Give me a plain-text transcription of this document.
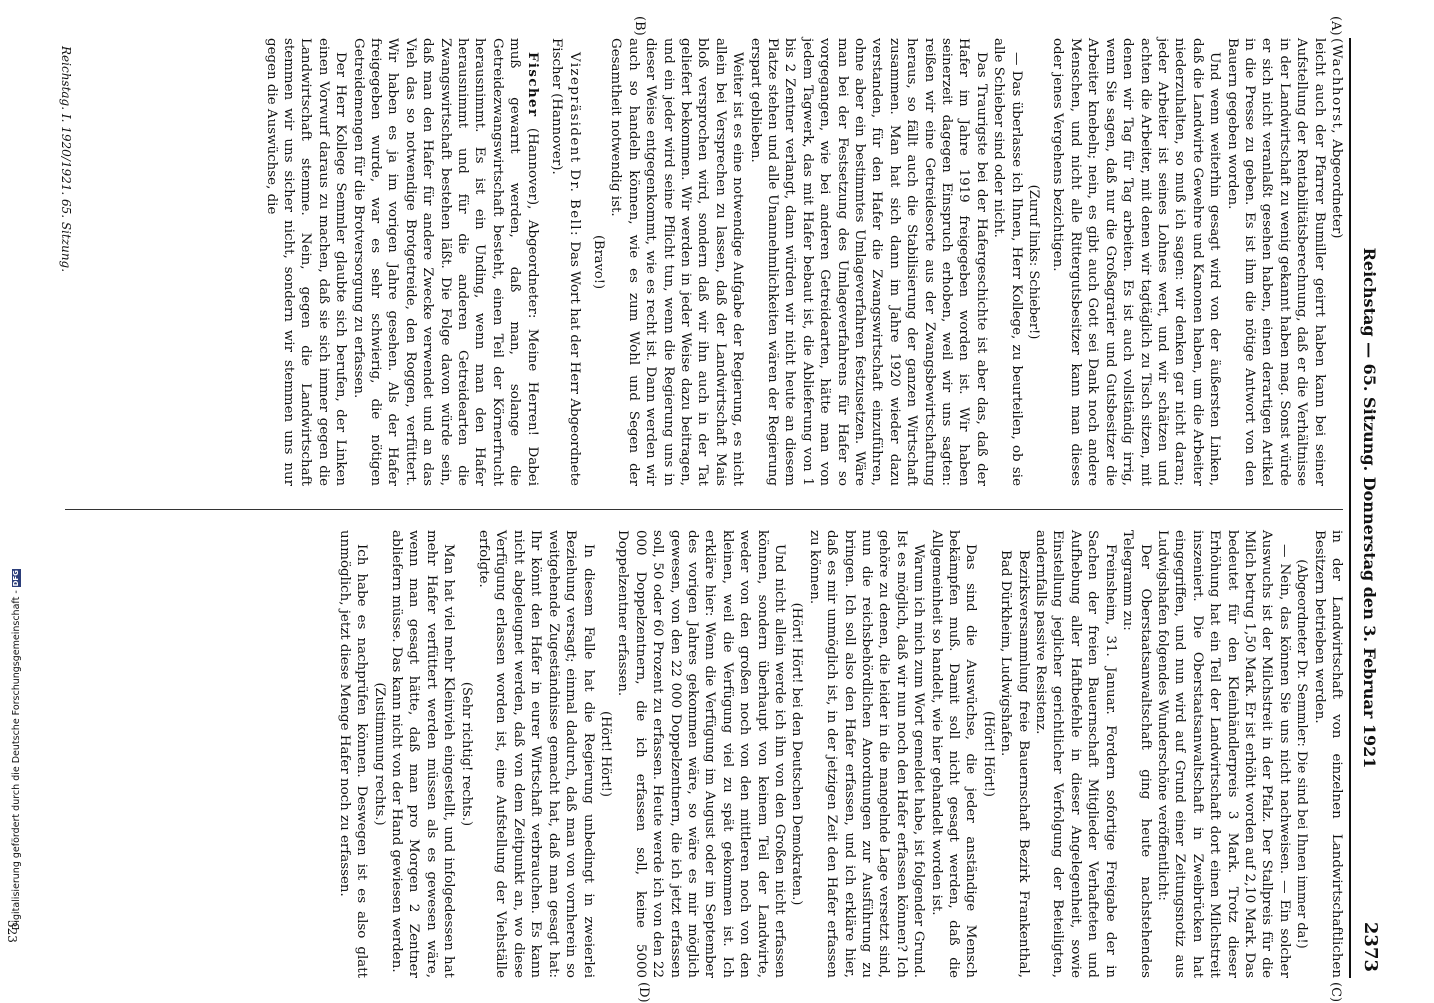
Reichstag — 65. Sitzung. Donnerstag den 3. Februar 1921
2373
(A)
(B)
(C)
(D)

(Wachhorst, Abgeordneter)

leicht auch der Pfarrer Bumiller geirrt haben kann bei seiner Aufstellung der Rentabilitätsberechnung, daß er die Verhältnisse in der Landwirtschaft zu wenig gekannt haben mag. Sonst würde er sich nicht veranlaßt gesehen haben, einen derartigen Artikel in die Presse zu geben. Es ist ihm die nötige Antwort von den Bauern gegeben worden.

Und wenn weiterhin gesagt wird von der äußersten Linken, daß die Landwirte Gewehre und Kanonen haben, um die Arbeiter niederzuhalten, so muß ich sagen: wir denken gar nicht daran; jeder Arbeiter ist seines Lohnes wert, und wir schätzen und achten die Arbeiter, mit denen wir tagtäglich zu Tisch sitzen, mit denen wir Tag für Tag arbeiten. Es ist auch vollständig irrig, wenn Sie sagen, daß nur die Großagrarier und Gutsbesitzer die Arbeiter knebeln; nein, es gibt auch Gott sei Dank noch andere Menschen, und nicht alle Rittergutsbesitzer kann man dieses oder jenes Vergehens bezichtigen.

(Zuruf links: Schieber!)

— Das überlasse ich Ihnen, Herr Kollege, zu beurteilen, ob sie alle Schieber sind oder nicht.

Das Traurigste bei der Hafergeschichte ist aber das, daß der Hafer im Jahre 1919 freigegeben worden ist. Wir haben seinerzeit dagegen Einspruch erhoben, weil wir uns sagten: reißen wir eine Getreidesorte aus der Zwangsbewirtschaftung heraus, so fällt auch die Stabilisierung der ganzen Wirtschaft zusammen. Man hat sich dann im Jahre 1920 wieder dazu verstanden, für den Hafer die Zwangswirtschaft einzuführen, ohne aber ein bestimmtes Umlageverfahren festzusetzen. Wäre man bei der Festsetzung des Umlageverfahrens für Hafer so vorgegangen, wie bei anderen Getreidearten, hätte man von jedem Tagwerk, das mit Hafer bebaut ist, die Ablieferung von 1 bis 2 Zentner verlangt, dann würden wir nicht heute an diesem Platze stehen und alle Unannehmlichkeiten wären der Regierung erspart geblieben.

Weiter ist es eine notwendige Aufgabe der Regierung, es nicht allein bei Versprechen zu lassen, daß der Landwirtschaft Mais bloß versprochen wird, sondern daß wir ihn auch in der Tat geliefert bekommen. Wir werden in jeder Weise dazu beitragen, und ein jeder wird seine Pflicht tun, wenn die Regierung uns in dieser Weise entgegenkommt, wie es recht ist. Dann werden wir auch so handeln können, wie es zum Wohl und Segen der Gesamtheit notwendig ist.

(Bravo!)

Vizepräsident Dr. Bell: Das Wort hat der Herr Abgeordnete Fischer (Hannover).

Fischer (Hannover), Abgeordneter: Meine Herren! Dabei muß gewarnt werden, daß man, solange die Getreidezwangswirtschaft besteht, einen Teil der Körnerfrucht herausnimmt. Es ist ein Unding, wenn man den Hafer herausnimmt und für die anderen Getreidearten die Zwangswirtschaft bestehen läßt. Die Folge davon würde sein, daß man den Hafer für andere Zwecke verwendet und an das Vieh das so notwendige Brotgetreide, den Roggen, verfüttert. Wir haben es ja im vorigen Jahre gesehen. Als der Hafer freigegeben wurde, war es sehr schwierig, die nötigen Getreidemengen für die Brotversorgung zu erfassen.

Der Herr Kollege Semmler glaubte sich berufen, der Linken einen Vorwurf daraus zu machen, daß sie sich immer gegen die Landwirtschaft stemme. Nein, gegen die Landwirtschaft stemmen wir uns sicher nicht, sondern wir stemmen uns nur gegen die Auswüchse, die

in der Landwirtschaft von einzelnen Landwirtschaftlichen Besitzern betrieben werden.

(Abgeordneter Dr. Semmler: Die sind bei Ihnen immer da!)

— Nein, das können Sie uns nicht nachweisen. — Ein solcher Auswuchs ist der Milchstreit in der Pfalz. Der Stallpreis für die Milch betrug 1,50 Mark. Er ist erhöht worden auf 2,10 Mark. Das bedeutet für den Kleinhändlerpreis 3 Mark. Trotz dieser Erhöhung hat ein Teil der Landwirtschaft dort einen Milchstreit inszeniert. Die Oberstaatsanwaltschaft in Zweibrücken hat eingegriffen, und nun wird auf Grund einer Zeitungsnotiz aus Ludwigshafen folgendes Wunderschöne veröffentlicht:

Der Oberstaatsanwaltschaft ging heute nachstehendes Telegramm zu:

Freinsheim, 31. Januar. Fordern sofortige Freigabe der in Sachen der freien Bauernschaft Mitglieder Verhafteten und Aufhebung aller Haftbefehle in dieser Angelegenheit, sowie Einstellung jeglicher gerichtlicher Verfolgung der Beteiligten, andernfalls passive Resistenz.

Bezirksversammlung freie Bauernschaft Bezirk Frankenthal, Bad Dürkheim, Ludwigshafen.

(Hört! Hört!)

Das sind die Auswüchse, die jeder anständige Mensch bekämpfen muß. Damit soll nicht gesagt werden, daß die Allgemeinheit so handelt, wie hier gehandelt worden ist.

Warum ich mich zum Wort gemeldet habe, ist folgender Grund. Ist es möglich, daß wir nun noch den Hafer erfassen können? Ich gehöre zu denen, die leider in die mangelnde Lage versetzt sind, nun die reichsbehördlichen Anordnungen zur Ausführung zu bringen. Ich soll also den Hafer erfassen, und ich erkläre hier, daß es mir unmöglich ist, in der jetzigen Zeit den Hafer erfassen zu können.

(Hört! Hört! bei den Deutschen Demokraten.)

Und nicht allein werde ich ihn von den Großen nicht erfassen können, sondern überhaupt von keinem Teil der Landwirte, weder von den großen noch von den mittleren noch von den kleinen, weil die Verfügung viel zu spät gekommen ist. Ich erkläre hier: Wenn die Verfügung im August oder im September des vorigen Jahres gekommen wäre, so wäre es mir möglich gewesen, von den 22 000 Doppelzentnern, die ich jetzt erfassen soll, 50 oder 60 Prozent zu erfassen. Heute werde ich von den 22 000 Doppelzentnern, die ich erfassen soll, keine 5000 Doppelzentner erfassen.

(Hört! Hört!)

In diesem Falle hat die Regierung unbedingt in zweierlei Beziehung versagt; einmal dadurch, daß man von vornherein so weitgehende Zugeständnisse gemacht hat, daß man gesagt hat: Ihr könnt den Hafer in eurer Wirtschaft verbrauchen. Es kann nicht abgeleugnet werden, daß von dem Zeitpunkt an, wo diese Verfügung erlassen worden ist, eine Aufstellung der Viehställe erfolgte.

(Sehr richtig! rechts.)

Man hat viel mehr Kleinvieh eingestellt, und infolgedessen hat mehr Hafer verfüttert werden müssen als es gewesen wäre, wenn man gesagt hätte, daß man pro Morgen 2 Zentner abliefern müsse. Das kann nicht von der Hand gewiesen werden.

(Zustimmung rechts.)

Ich habe es nachprüfen können. Deswegen ist es also glatt unmöglich, jetzt diese Menge Hafer noch zu erfassen.

Reichstag. I. 1920/1921. 65. Sitzung.
323
Digitalisierung gefördert durch die Deutsche Forschungsgemeinschaft -DFG
